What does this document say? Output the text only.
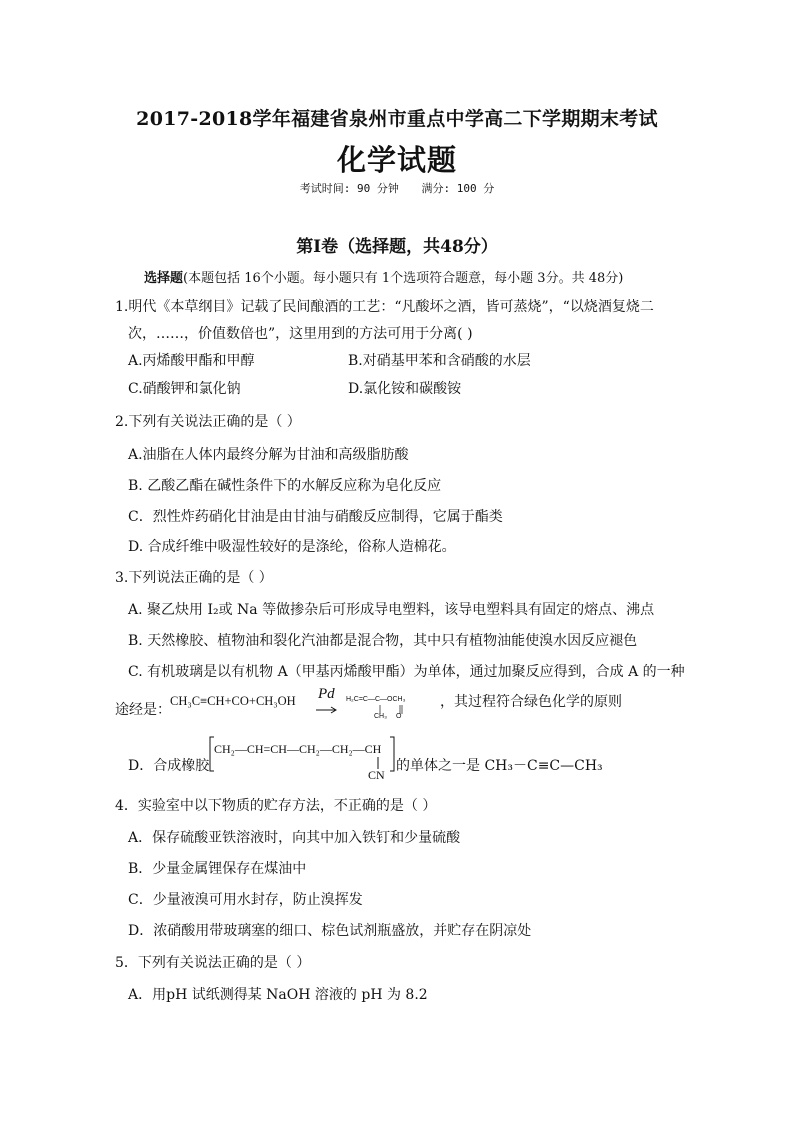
2017-2018学年福建省泉州市重点中学高二下学期期末考试
化学试题
考试时间: 90 分钟 满分: 100 分
第Ⅰ卷（选择题，共48分）
选择题(本题包括 16个小题。每小题只有 1个选项符合题意，每小题 3分。共 48分)
1.明代《本草纲目》记载了民间酿酒的工艺：“凡酸坏之酒，皆可蒸烧”，“以烧酒复烧二
次，……，价值数倍也”，这里用到的方法可用于分离( )
A.丙烯酸甲酯和甲醇	B.对硝基甲苯和含硝酸的水层
C.硝酸钾和氯化钠	D.氯化铵和碳酸铵
2.下列有关说法正确的是（ ）
A.油脂在人体内最终分解为甘油和高级脂肪酸
B. 乙酸乙酯在碱性条件下的水解反应称为皂化反应
C．烈性炸药硝化甘油是由甘油与硝酸反应制得，它属于酯类
D. 合成纤维中吸湿性较好的是涤纶，俗称人造棉花。
3.下列说法正确的是（ ）
A. 聚乙炔用 I₂或 Na 等做掺杂后可形成导电塑料，该导电塑料具有固定的熔点、沸点
B. 天然橡胶、植物油和裂化汽油都是混合物，其中只有植物油能使溴水因反应褪色
C. 有机玻璃是以有机物 A（甲基丙烯酸甲酯）为单体，通过加聚反应得到，合成 A 的一种
途经是：
CH₃C≡CH+CO+CH₃OH Pd H₂C=C—C—OCH₃
CH₃ O
，其过程符合绿色化学的原则
D．合成橡胶
CH₂—CH=CH—CH₂—CH₂—CH
CN
的单体之一是 CH₃－C≡C—CH₃
4．实验室中以下物质的贮存方法，不正确的是（ ）
A．保存硫酸亚铁溶液时，向其中加入铁钉和少量硫酸
B．少量金属锂保存在煤油中
C．少量液溴可用水封存，防止溴挥发
D．浓硝酸用带玻璃塞的细口、棕色试剂瓶盛放，并贮存在阴凉处
5．下列有关说法正确的是（ ）
A．用pH 试纸测得某 NaOH 溶液的 pH 为 8.2
